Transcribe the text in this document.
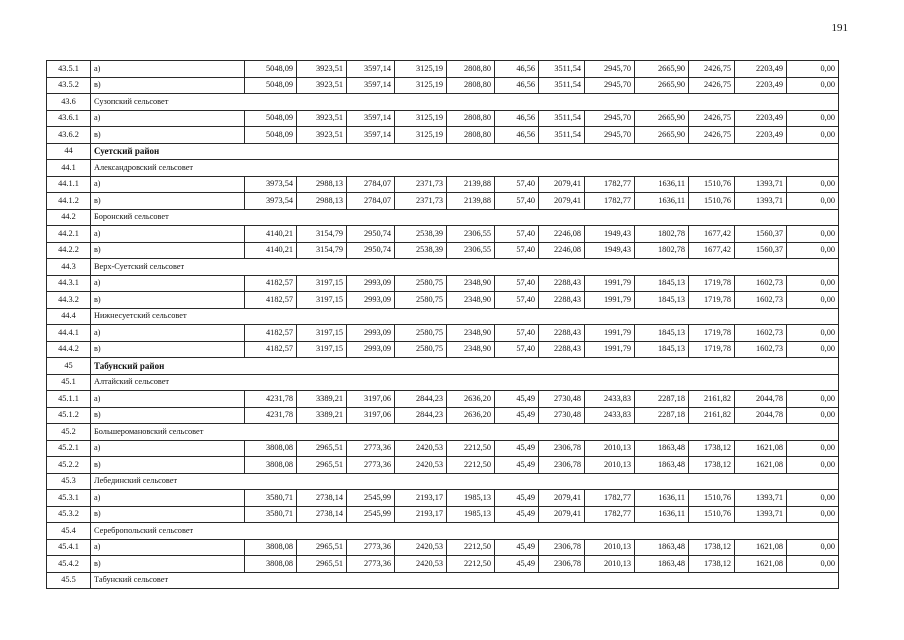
191
43.5.1	а)	5048,09	3923,51	3597,14	3125,19	2808,80	46,56	3511,54	2945,70	2665,90	2426,75	2203,49	0,00
43.5.2	в)	5048,09	3923,51	3597,14	3125,19	2808,80	46,56	3511,54	2945,70	2665,90	2426,75	2203,49	0,00
43.6	Сузопский сельсовет												
43.6.1	а)	5048,09	3923,51	3597,14	3125,19	2808,80	46,56	3511,54	2945,70	2665,90	2426,75	2203,49	0,00
43.6.2	в)	5048,09	3923,51	3597,14	3125,19	2808,80	46,56	3511,54	2945,70	2665,90	2426,75	2203,49	0,00
44	Суетский район												
44.1	Александровский сельсовет												
44.1.1	а)	3973,54	2988,13	2784,07	2371,73	2139,88	57,40	2079,41	1782,77	1636,11	1510,76	1393,71	0,00
44.1.2	в)	3973,54	2988,13	2784,07	2371,73	2139,88	57,40	2079,41	1782,77	1636,11	1510,76	1393,71	0,00
44.2	Боронский сельсовет												
44.2.1	а)	4140,21	3154,79	2950,74	2538,39	2306,55	57,40	2246,08	1949,43	1802,78	1677,42	1560,37	0,00
44.2.2	в)	4140,21	3154,79	2950,74	2538,39	2306,55	57,40	2246,08	1949,43	1802,78	1677,42	1560,37	0,00
44.3	Верх-Суетский сельсовет												
44.3.1	а)	4182,57	3197,15	2993,09	2580,75	2348,90	57,40	2288,43	1991,79	1845,13	1719,78	1602,73	0,00
44.3.2	в)	4182,57	3197,15	2993,09	2580,75	2348,90	57,40	2288,43	1991,79	1845,13	1719,78	1602,73	0,00
44.4	Нижнесуетский сельсовет												
44.4.1	а)	4182,57	3197,15	2993,09	2580,75	2348,90	57,40	2288,43	1991,79	1845,13	1719,78	1602,73	0,00
44.4.2	в)	4182,57	3197,15	2993,09	2580,75	2348,90	57,40	2288,43	1991,79	1845,13	1719,78	1602,73	0,00
45	Табунский район												
45.1	Алтайский сельсовет												
45.1.1	а)	4231,78	3389,21	3197,06	2844,23	2636,20	45,49	2730,48	2433,83	2287,18	2161,82	2044,78	0,00
45.1.2	в)	4231,78	3389,21	3197,06	2844,23	2636,20	45,49	2730,48	2433,83	2287,18	2161,82	2044,78	0,00
45.2	Большеромановский сельсовет												
45.2.1	а)	3808,08	2965,51	2773,36	2420,53	2212,50	45,49	2306,78	2010,13	1863,48	1738,12	1621,08	0,00
45.2.2	в)	3808,08	2965,51	2773,36	2420,53	2212,50	45,49	2306,78	2010,13	1863,48	1738,12	1621,08	0,00
45.3	Лебединский сельсовет												
45.3.1	а)	3580,71	2738,14	2545,99	2193,17	1985,13	45,49	2079,41	1782,77	1636,11	1510,76	1393,71	0,00
45.3.2	в)	3580,71	2738,14	2545,99	2193,17	1985,13	45,49	2079,41	1782,77	1636,11	1510,76	1393,71	0,00
45.4	Серебропольский сельсовет												
45.4.1	а)	3808,08	2965,51	2773,36	2420,53	2212,50	45,49	2306,78	2010,13	1863,48	1738,12	1621,08	0,00
45.4.2	в)	3808,08	2965,51	2773,36	2420,53	2212,50	45,49	2306,78	2010,13	1863,48	1738,12	1621,08	0,00
45.5	Табунский сельсовет												
